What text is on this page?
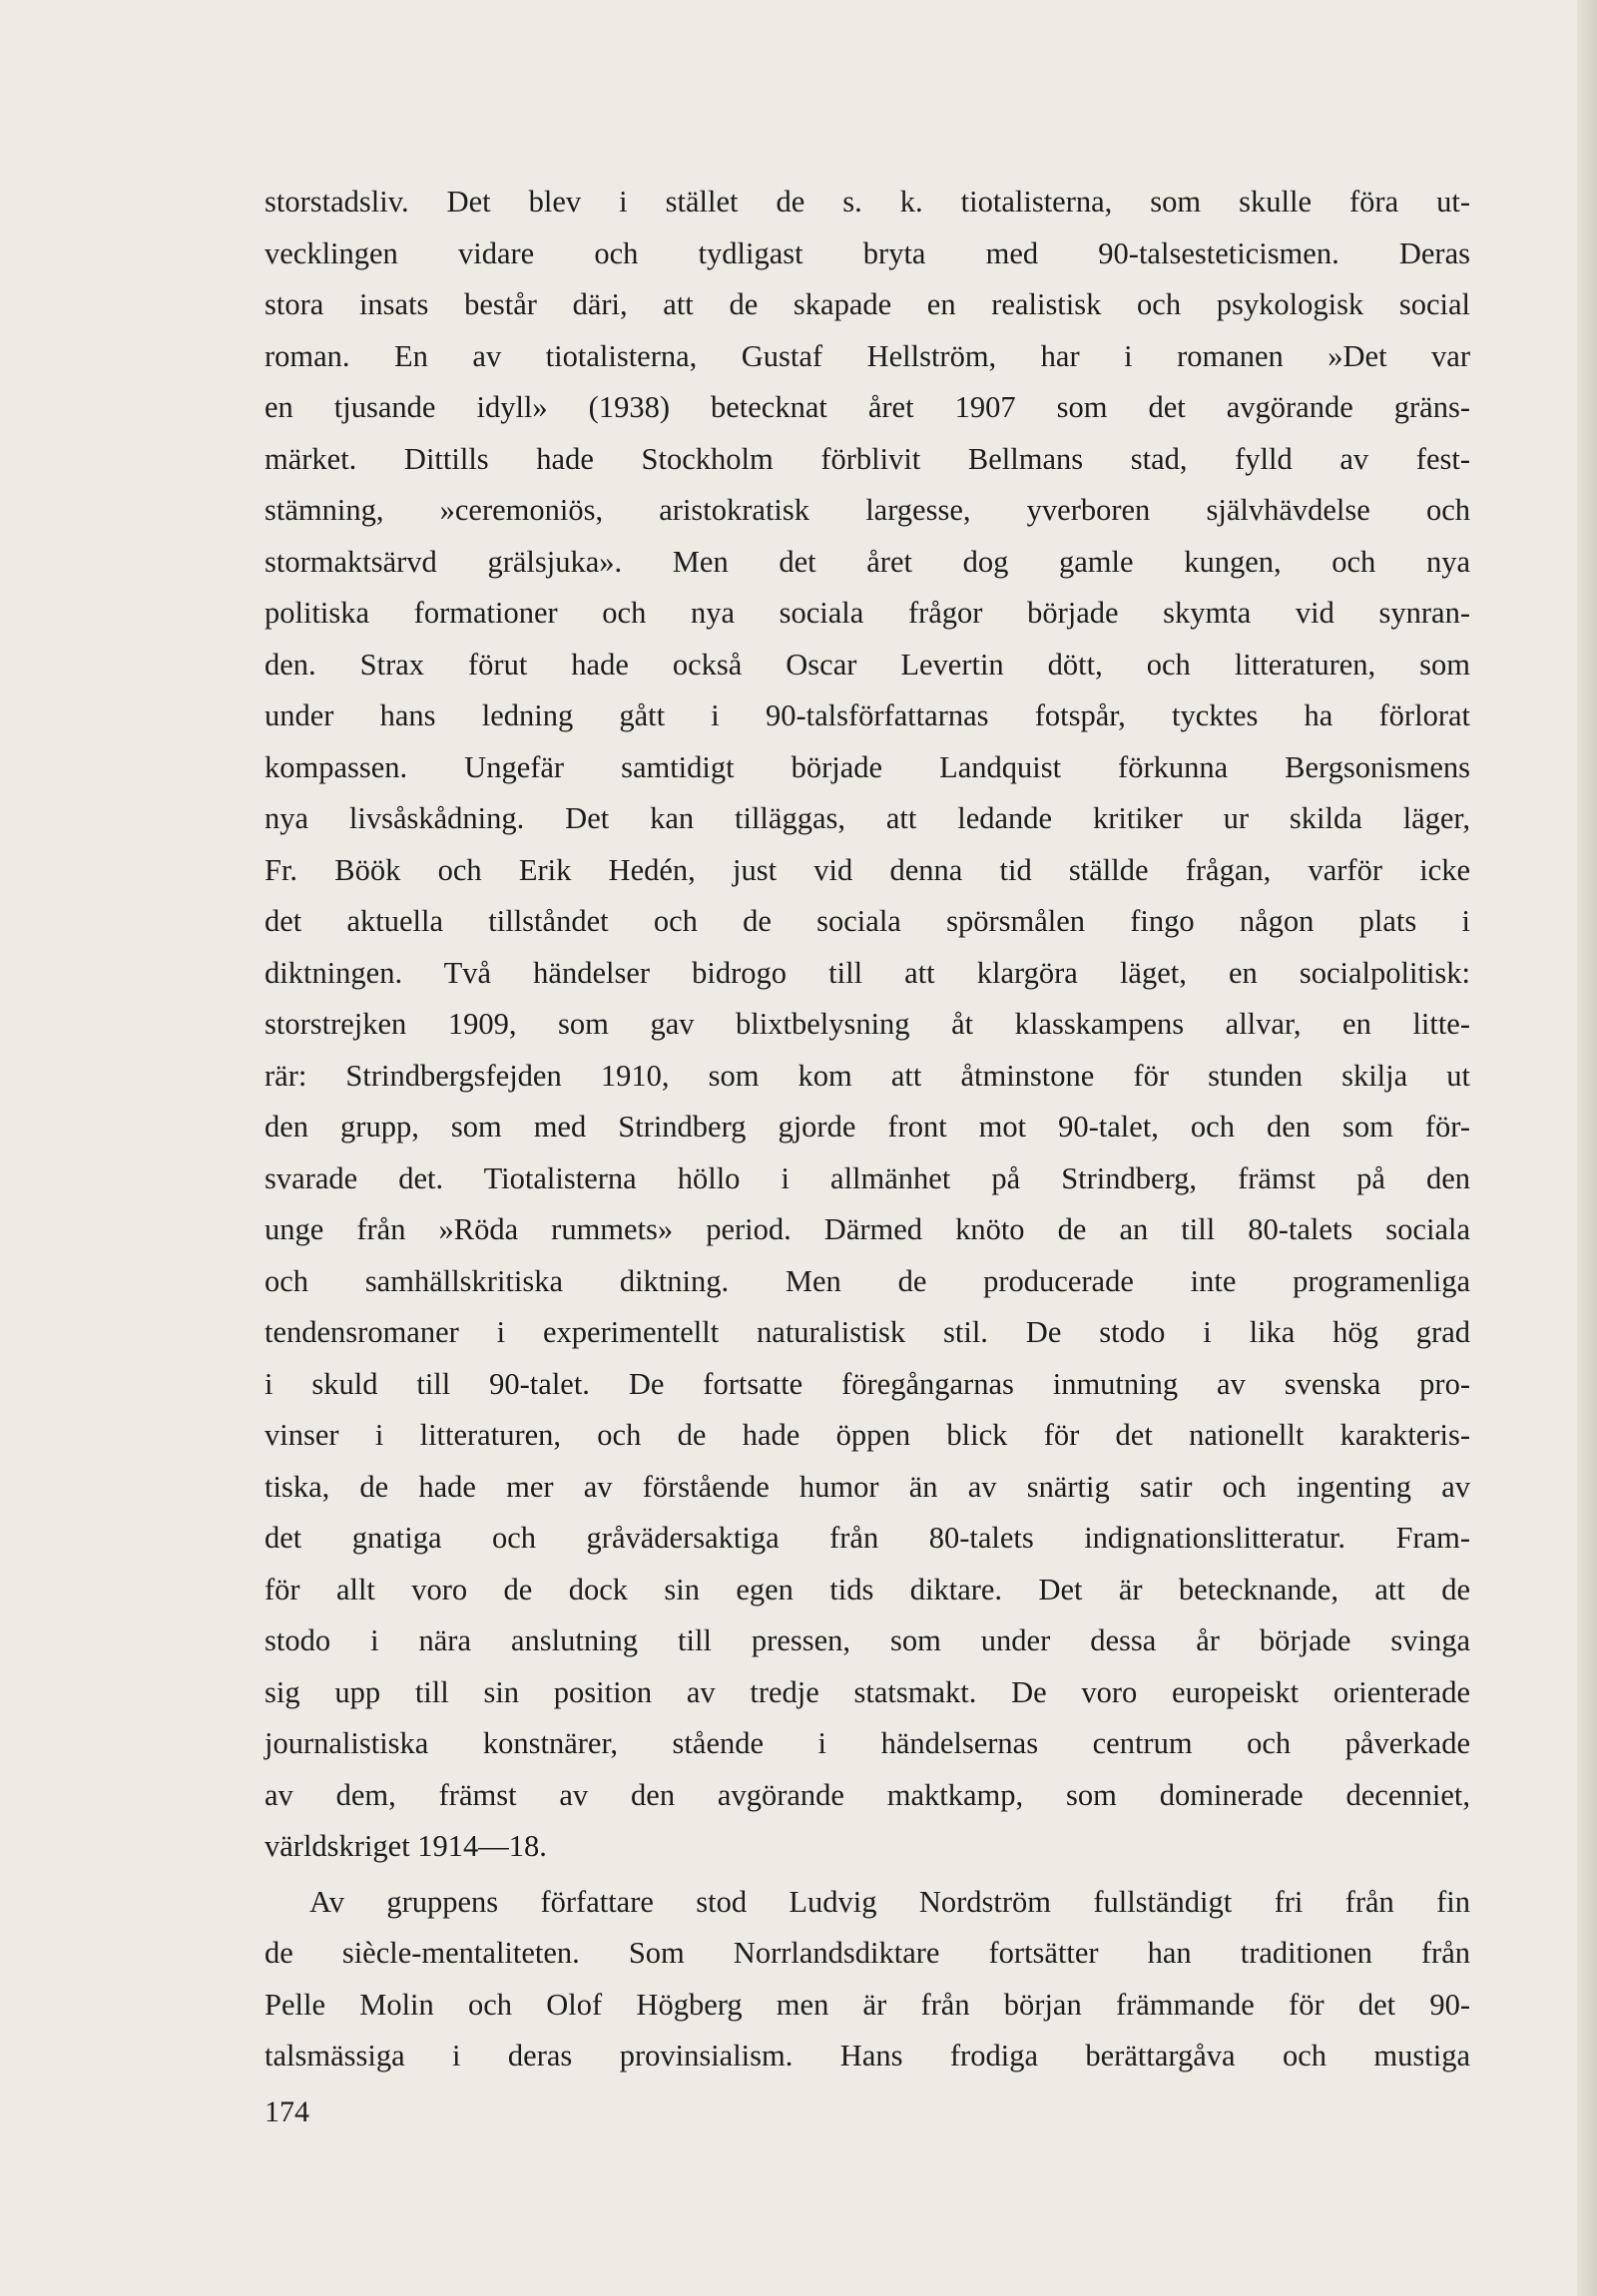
storstadsliv. Det blev i stället de s. k. tiotalisterna, som skulle föra ut-
vecklingen vidare och tydligast bryta med 90-talsesteticismen. Deras
stora insats består däri, att de skapade en realistisk och psykologisk social
roman. En av tiotalisterna, Gustaf Hellström, har i romanen »Det var
en tjusande idyll» (1938) betecknat året 1907 som det avgörande gräns-
märket. Dittills hade Stockholm förblivit Bellmans stad, fylld av fest-
stämning, »ceremoniös, aristokratisk largesse, yverboren självhävdelse och
stormaktsärvd grälsjuka». Men det året dog gamle kungen, och nya
politiska formationer och nya sociala frågor började skymta vid synran-
den. Strax förut hade också Oscar Levertin dött, och litteraturen, som
under hans ledning gått i 90-talsförfattarnas fotspår, tycktes ha förlorat
kompassen. Ungefär samtidigt började Landquist förkunna Bergsonismens
nya livsåskådning. Det kan tilläggas, att ledande kritiker ur skilda läger,
Fr. Böök och Erik Hedén, just vid denna tid ställde frågan, varför icke
det aktuella tillståndet och de sociala spörsmålen fingo någon plats i
diktningen. Två händelser bidrogo till att klargöra läget, en socialpolitisk:
storstrejken 1909, som gav blixtbelysning åt klasskampens allvar, en litte-
rär: Strindbergsfejden 1910, som kom att åtminstone för stunden skilja ut
den grupp, som med Strindberg gjorde front mot 90-talet, och den som för-
svarade det. Tiotalisterna höllo i allmänhet på Strindberg, främst på den
unge från »Röda rummets» period. Därmed knöto de an till 80-talets sociala
och samhällskritiska diktning. Men de producerade inte programenliga
tendensromaner i experimentellt naturalistisk stil. De stodo i lika hög grad
i skuld till 90-talet. De fortsatte föregångarnas inmutning av svenska pro-
vinser i litteraturen, och de hade öppen blick för det nationellt karakteris-
tiska, de hade mer av förstående humor än av snärtig satir och ingenting av
det gnatiga och gråvädersaktiga från 80-talets indignationslitteratur. Fram-
för allt voro de dock sin egen tids diktare. Det är betecknande, att de
stodo i nära anslutning till pressen, som under dessa år började svinga
sig upp till sin position av tredje statsmakt. De voro europeiskt orienterade
journalistiska konstnärer, stående i händelsernas centrum och påverkade
av dem, främst av den avgörande maktkamp, som dominerade decenniet,
världskriget 1914—18.
Av gruppens författare stod Ludvig Nordström fullständigt fri från fin
de siècle-mentaliteten. Som Norrlandsdiktare fortsätter han traditionen från
Pelle Molin och Olof Högberg men är från början främmande för det 90-
talsmässiga i deras provinsialism. Hans frodiga berättargåva och mustiga
174
